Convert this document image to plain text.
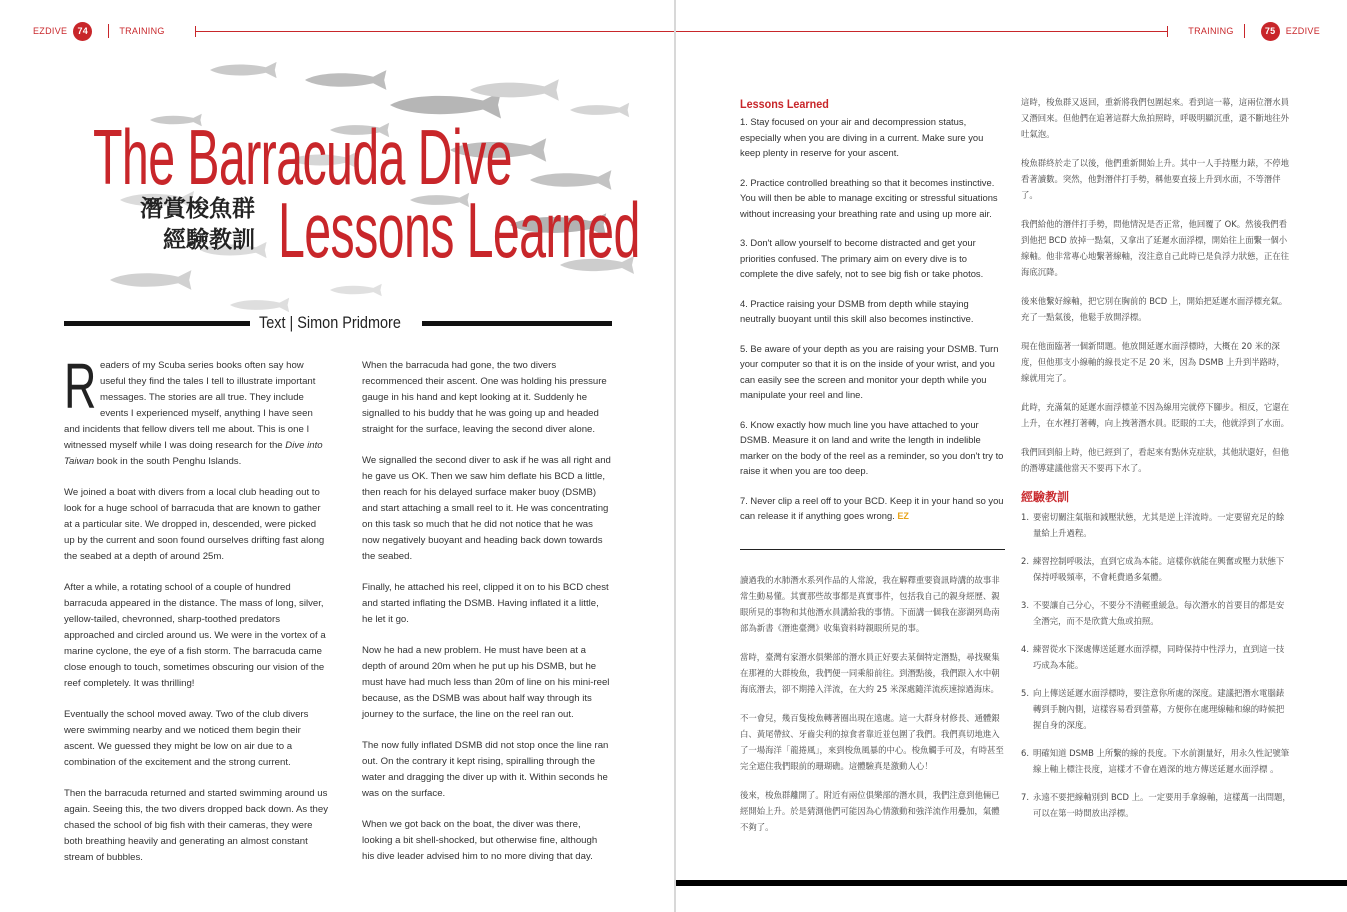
EZDIVE	74	TRAINING
The Barracuda Dive
潛賞梭魚群
經驗教訓 Lessons Learned
Text | Simon Pridmore

Readers of my Scuba series books often say how useful they find the tales I tell to illustrate important messages. The stories are all true. They include events I experienced myself, anything I have seen and incidents that fellow divers tell me about. This is one I witnessed myself while I was doing research for the Dive into Taiwan book in the south Penghu Islands.

We joined a boat with divers from a local club heading out to look for a huge school of barracuda that are known to gather at a particular site. We dropped in, descended, were picked up by the current and soon found ourselves drifting fast along the seabed at a depth of around 25m.

After a while, a rotating school of a couple of hundred barracuda appeared in the distance. The mass of long, silver, yellow-tailed, chevronned, sharp-toothed predators approached and circled around us. We were in the vortex of a marine cyclone, the eye of a fish storm. The barracuda came close enough to touch, sometimes obscuring our vision of the reef completely. It was thrilling!

Eventually the school moved away. Two of the club divers were swimming nearby and we noticed them begin their ascent. We guessed they might be low on air due to a combination of the excitement and the strong current.

Then the barracuda returned and started swimming around us again. Seeing this, the two divers dropped back down. As they chased the school of big fish with their cameras, they were both breathing heavily and generating an almost constant stream of bubbles.

When the barracuda had gone, the two divers recommenced their ascent. One was holding his pressure gauge in his hand and kept looking at it. Suddenly he signalled to his buddy that he was going up and headed straight for the surface, leaving the second diver alone.

We signalled the second diver to ask if he was all right and he gave us OK. Then we saw him deflate his BCD a little, then reach for his delayed surface maker buoy (DSMB) and start attaching a small reel to it. He was concentrating on this task so much that he did not notice that he was now negatively buoyant and heading back down towards the seabed.

Finally, he attached his reel, clipped it on to his BCD chest and started inflating the DSMB. Having inflated it a little, he let it go.

Now he had a new problem. He must have been at a depth of around 20m when he put up his DSMB, but he must have had much less than 20m of line on his mini-reel because, as the DSMB was about half way through its journey to the surface, the line on the reel ran out.

The now fully inflated DSMB did not stop once the line ran out. On the contrary it kept rising, spiralling through the water and dragging the diver up with it. Within seconds he was on the surface.

When we got back on the boat, the diver was there, looking a bit shell-shocked, but otherwise fine, although his dive leader advised him to no more diving that day.

TRAINING	75	EZDIVE
Lessons Learned
1. Stay focused on your air and decompression status, especially when you are diving in a current. Make sure you keep plenty in reserve for your ascent.
2. Practice controlled breathing so that it becomes instinctive. You will then be able to manage exciting or stressful situations without increasing your breathing rate and using up more air.
3. Don't allow yourself to become distracted and get your priorities confused. The primary aim on every dive is to complete the dive safely, not to see big fish or take photos.
4. Practice raising your DSMB from depth while staying neutrally buoyant until this skill also becomes instinctive.
5. Be aware of your depth as you are raising your DSMB. Turn your computer so that it is on the inside of your wrist, and you can easily see the screen and monitor your depth while you manipulate your reel and line.
6. Know exactly how much line you have attached to your DSMB. Measure it on land and write the length in indelible marker on the body of the reel as a reminder, so you don't try to raise it when you are too deep.
7. Never clip a reel off to your BCD. Keep it in your hand so you can release it if anything goes wrong. EZ

讀過我的水肺潛水系列作品的人常說，我在解釋重要資訊時講的故事非常生動易懂。其實那些故事都是真實事件，包括我自己的親身經歷、親眼所見的事物和其他潛水員講給我的事情。下面講一個我在澎湖列島南部為新書《潛進臺灣》收集資料時親眼所見的事。

當時，臺灣有家潛水俱樂部的潛水員正好要去某個特定潛點，尋找聚集在那裡的大群梭魚，我們便一同乘船前往。到潛點後，我們跟入水中朝海底潛去，卻不期捲入洋流，在大約 25 米深處隨洋流疾速掠過海床。

不一會兒，幾百隻梭魚轉著圈出現在遠處。這一大群身材修長、通體銀白、黃尾帶紋、牙齒尖利的掠食者靠近並包圍了我們。我們真切地進入了一場海洋「龍捲風」，來到梭魚風暴的中心。梭魚觸手可及，有時甚至完全遮住我們眼前的珊瑚礁。這體驗真是激動人心！

後來，梭魚群離開了。附近有兩位俱樂部的潛水員，我們注意到他倆已經開始上升。於是猜測他們可能因為心情激動和強洋流作用疊加，氣體不夠了。

這時，梭魚群又返回，重新將我們包圍起來。看到這一幕，這兩位潛水員又潛回來。但他們在追著這群大魚拍照時，呼吸明顯沉重，還不斷地往外吐氣泡。

梭魚群終於走了以後，他們重新開始上升。其中一人手持壓力錶，不停地看著讀數。突然，他對潛伴打手勢，稱他要直接上升到水面，不等潛伴了。

我們給他的潛伴打手勢，問他情況是否正常，他回覆了 OK。然後我們看到他把 BCD 放掉一點氣，又拿出了延遲水面浮標，開始往上面繫一個小線軸。他非常專心地繫著線軸，沒注意自己此時已是負浮力狀態，正在往海底沉降。

後來他繫好線軸，把它別在胸前的 BCD 上，開始把延遲水面浮標充氣。充了一點氣後，他鬆手放開浮標。

現在他面臨著一個新問題。他放開延遲水面浮標時，大概在 20 米的深度，但他那支小線軸的線長定不足 20 米，因為 DSMB 上升到半路時，線就用完了。

此時，充滿氣的延遲水面浮標並不因為線用完就停下腳步。相反，它還在上升，在水裡打著轉，向上拽著潛水員。眨眼的工夫，他就浮到了水面。

我們回到船上時，他已經到了，看起來有點休克症狀，其他狀還好，但他的潛導建議他當天不要再下水了。

經驗教訓
1. 要密切關注氣瓶和減壓狀態，尤其是逆上洋流時。一定要留充足的餘量給上升過程。
2. 練習控制呼吸法，直到它成為本能。這樣你就能在興奮或壓力狀態下保持呼吸頻率，不會耗費過多氣體。
3. 不要讓自己分心，不要分不清輕重緩急。每次潛水的首要目的都是安全潛完，而不是欣賞大魚或拍照。
4. 練習從水下深處傳送延遲水面浮標，同時保持中性浮力，直到這一技巧成為本能。
5. 向上傳送延遲水面浮標時，要注意你所處的深度。建議把潛水電腦錶轉到手腕內側，這樣容易看到螢幕，方便你在處理線軸和線的時候把握自身的深度。
6. 明確知道 DSMB 上所繫的線的長度。下水前測量好，用永久性記號筆線上軸上標注長度，這樣才不會在過深的地方傳送延遲水面浮標 。
7. 永遠不要把線軸別到 BCD 上。一定要用手拿線軸，這樣萬一出問題，可以在第一時間放出浮標。
